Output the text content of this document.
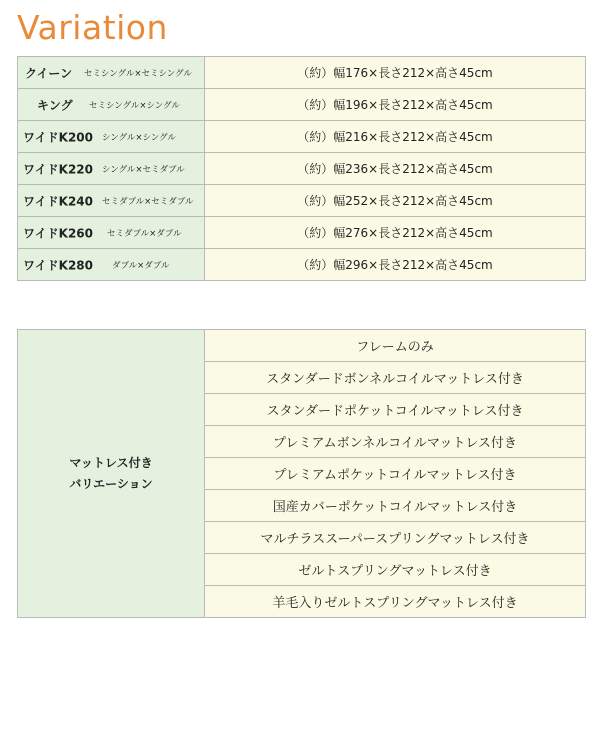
Variation
クイーン セミシングル×セミシングル	（約）幅176×長さ212×高さ45cm

キング セミシングル×シングル	（約）幅196×長さ212×高さ45cm

ワイドK200 シングル×シングル	（約）幅216×長さ212×高さ45cm

ワイドK220 シングル×セミダブル	（約）幅236×長さ212×高さ45cm

ワイドK240 セミダブル×セミダブル	（約）幅252×長さ212×高さ45cm

ワイドK260 セミダブル×ダブル	（約）幅276×長さ212×高さ45cm

ワイドK280 ダブル×ダブル	（約）幅296×長さ212×高さ45cm
マットレス付き
バリエーション
	フレームのみ
スタンダードボンネルコイルマットレス付き
スタンダードポケットコイルマットレス付き
プレミアムボンネルコイルマットレス付き
プレミアムポケットコイルマットレス付き
国産カバーポケットコイルマットレス付き
マルチラススーパースプリングマットレス付き
ゼルトスプリングマットレス付き
羊毛入りゼルトスプリングマットレス付き
